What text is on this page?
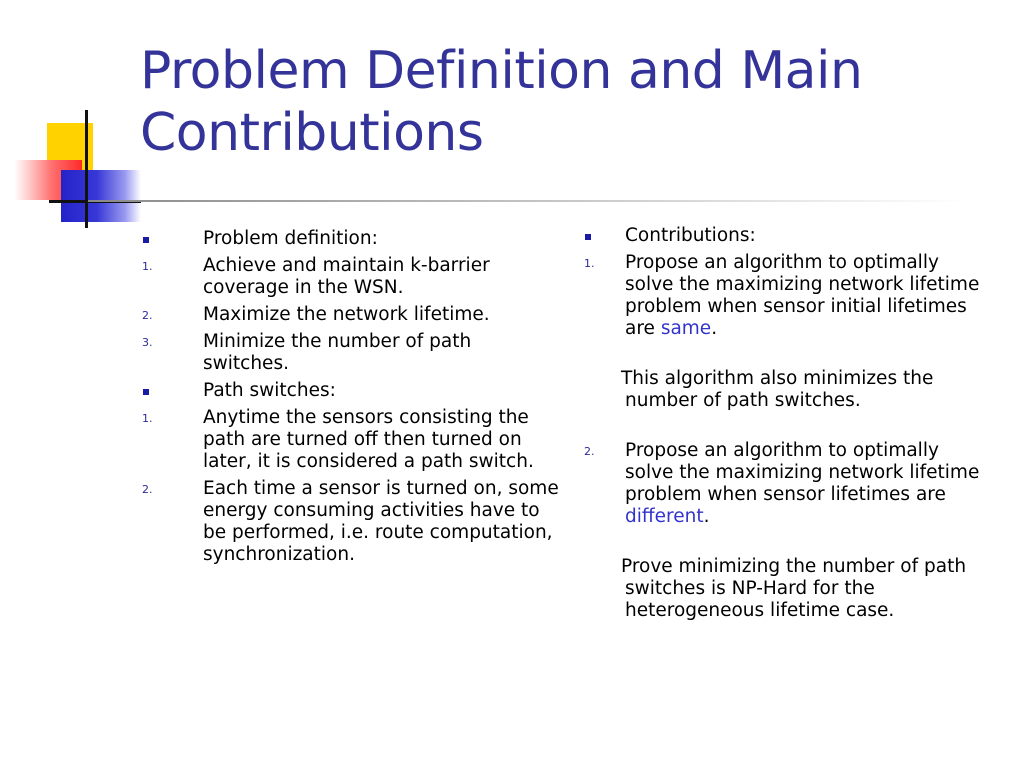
Problem Definition and Main Contributions
Problem definition:
1.	Achieve and maintain k-barrier coverage in the WSN.
2.	Maximize the network lifetime.
3.	Minimize the number of path switches.
Path switches:
1.	Anytime the sensors consisting the path are turned off then turned on later, it is considered a path switch.
2.	Each time a sensor is turned on, some energy consuming activities have to be performed, i.e. route computation, synchronization.
Contributions:
1. Propose an algorithm to optimally solve the maximizing network lifetime problem when sensor initial lifetimes are same.
This algorithm also minimizes the number of path switches.
2. Propose an algorithm to optimally solve the maximizing network lifetime problem when sensor lifetimes are different.
Prove minimizing the number of path switches is NP-Hard for the heterogeneous lifetime case.
